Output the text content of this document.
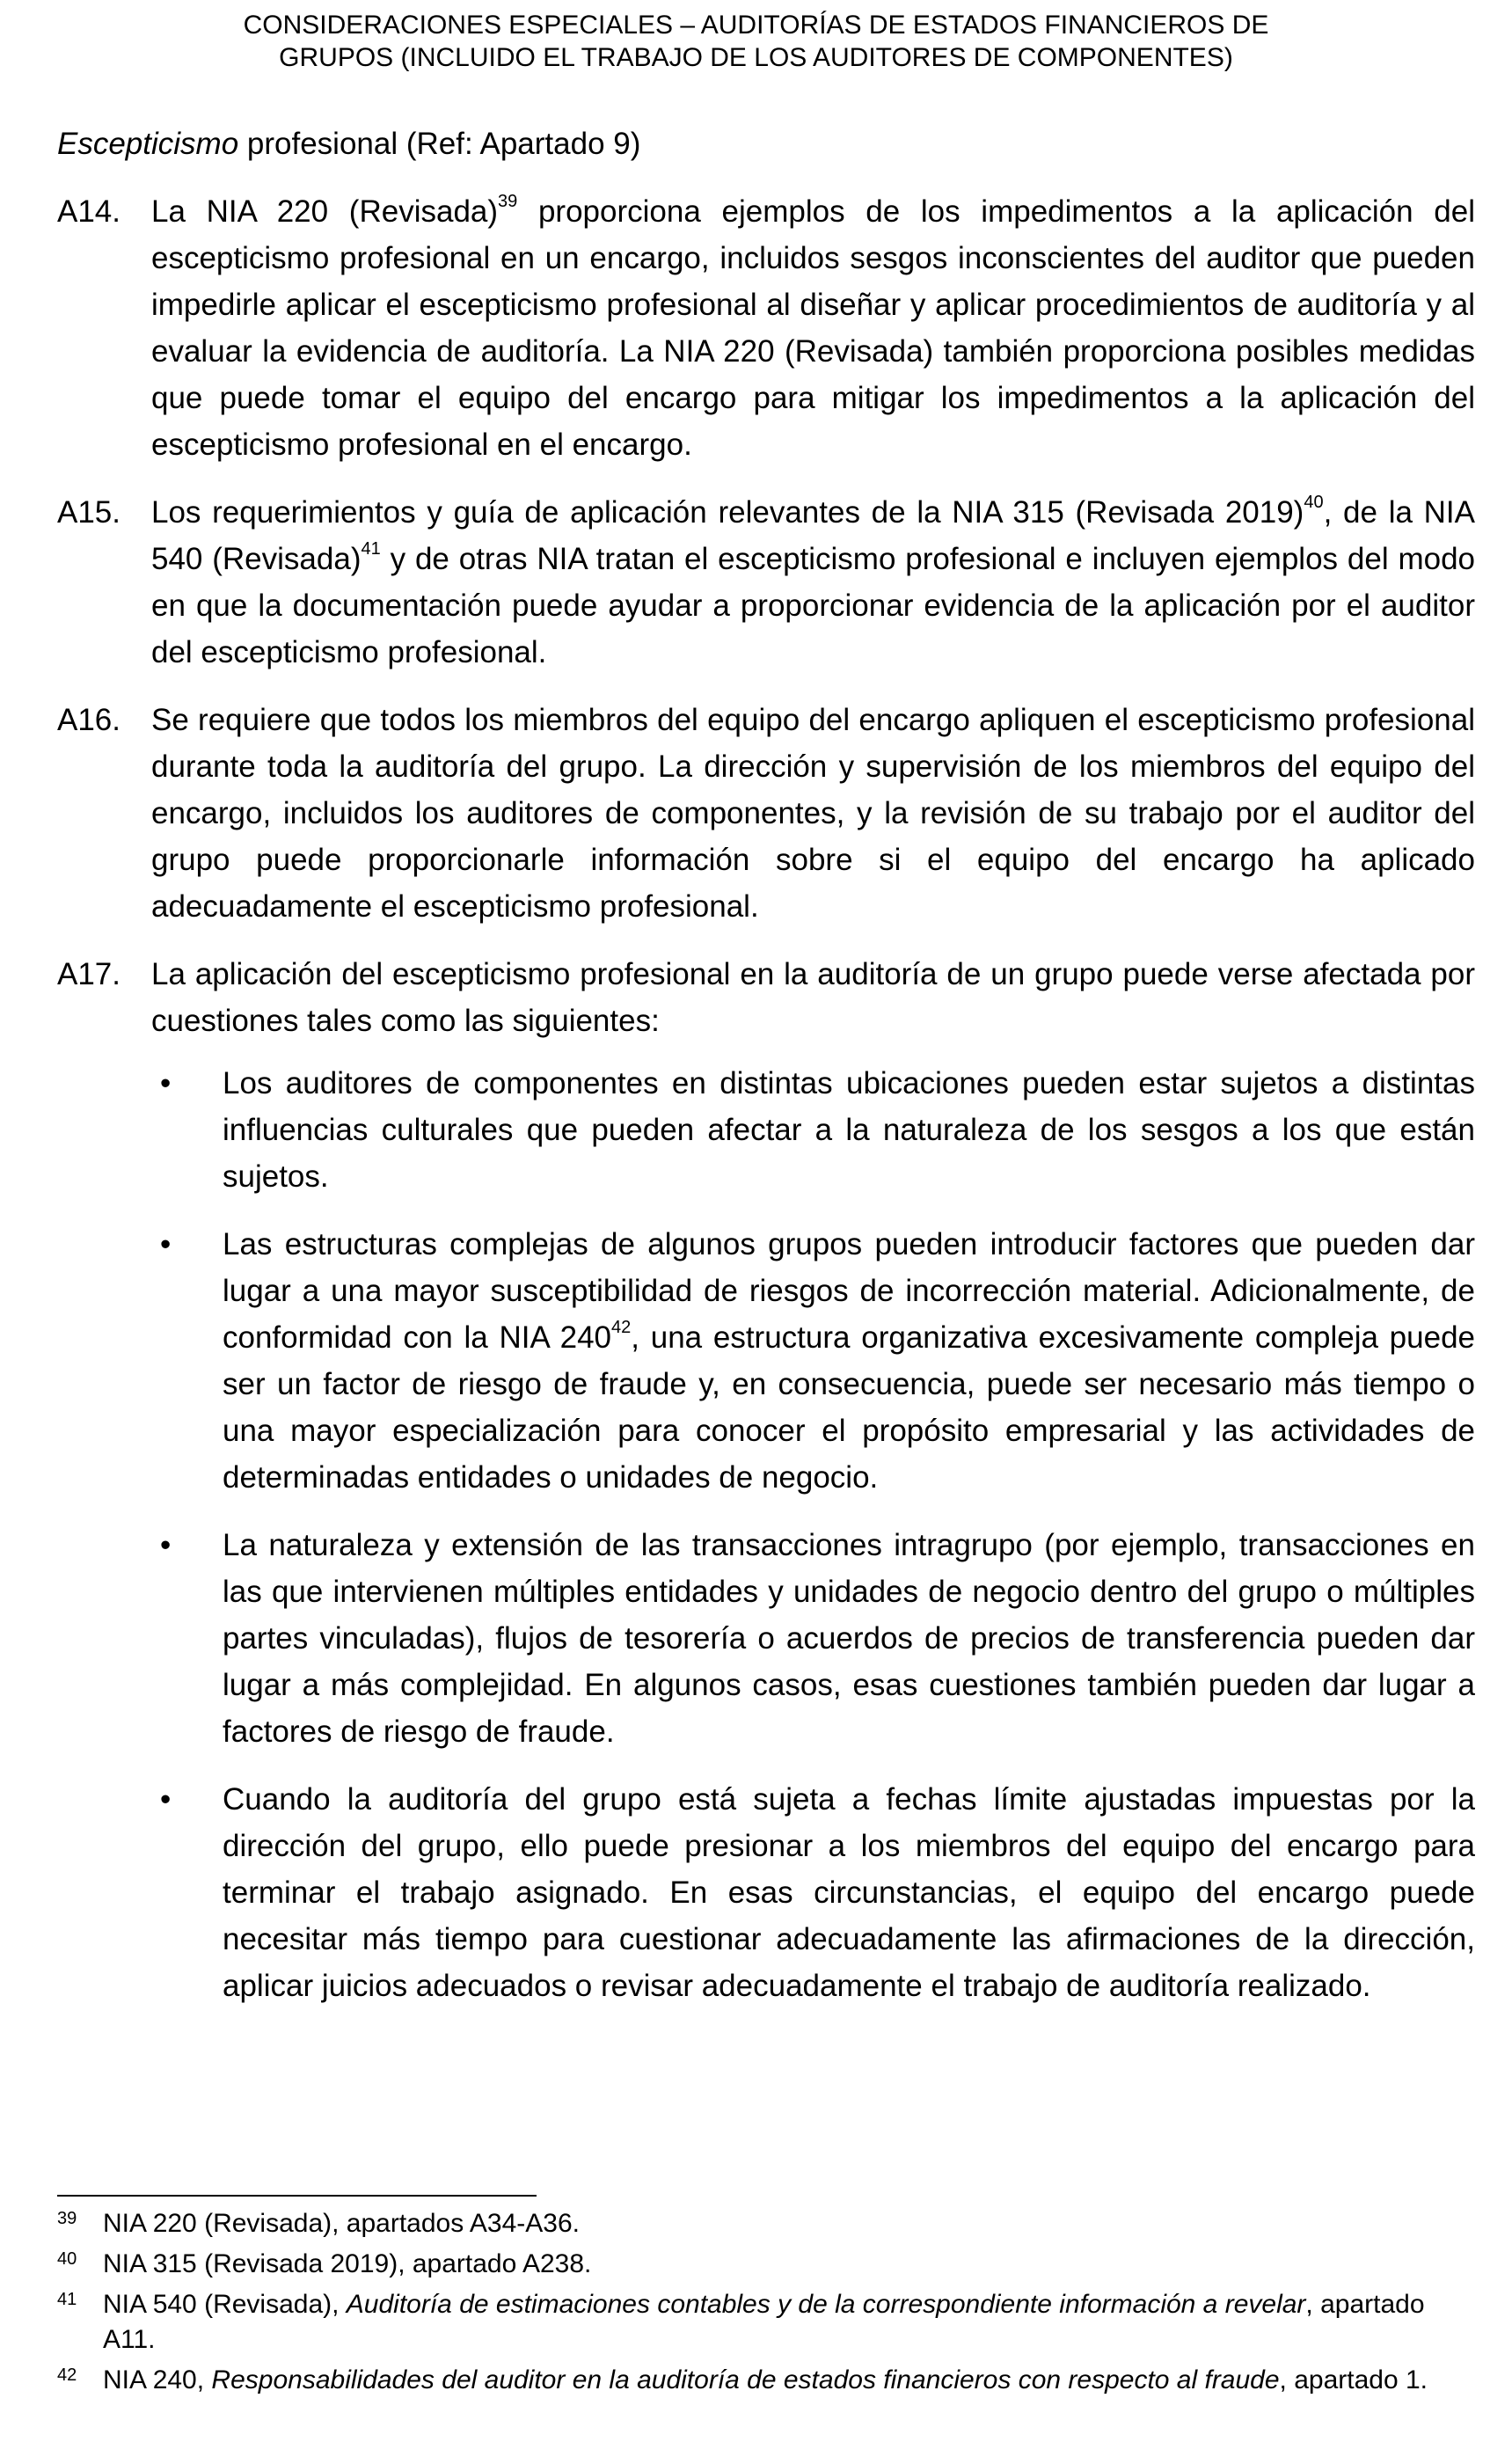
CONSIDERACIONES ESPECIALES – AUDITORÍAS DE ESTADOS FINANCIEROS DE
GRUPOS (INCLUIDO EL TRABAJO DE LOS AUDITORES DE COMPONENTES)
Escepticismo profesional (Ref: Apartado 9)
A14.	La NIA 220 (Revisada)$^{39}$ proporciona ejemplos de los impedimentos a la aplicación del escepticismo profesional en un encargo, incluidos sesgos inconscientes del auditor que pueden impedirle aplicar el escepticismo profesional al diseñar y aplicar procedimientos de auditoría y al evaluar la evidencia de auditoría. La NIA 220 (Revisada) también proporciona posibles medidas que puede tomar el equipo del encargo para mitigar los impedimentos a la aplicación del escepticismo profesional en el encargo.
A15.	Los requerimientos y guía de aplicación relevantes de la NIA 315 (Revisada 2019)$^{40}$, de la NIA 540 (Revisada)$^{41}$ y de otras NIA tratan el escepticismo profesional e incluyen ejemplos del modo en que la documentación puede ayudar a proporcionar evidencia de la aplicación por el auditor del escepticismo profesional.
A16.	Se requiere que todos los miembros del equipo del encargo apliquen el escepticismo profesional durante toda la auditoría del grupo. La dirección y supervisión de los miembros del equipo del encargo, incluidos los auditores de componentes, y la revisión de su trabajo por el auditor del grupo puede proporcionarle información sobre si el equipo del encargo ha aplicado adecuadamente el escepticismo profesional.
A17.	La aplicación del escepticismo profesional en la auditoría de un grupo puede verse afectada por cuestiones tales como las siguientes:
•	Los auditores de componentes en distintas ubicaciones pueden estar sujetos a distintas influencias culturales que pueden afectar a la naturaleza de los sesgos a los que están sujetos.
•	Las estructuras complejas de algunos grupos pueden introducir factores que pueden dar lugar a una mayor susceptibilidad de riesgos de incorrección material. Adicionalmente, de conformidad con la NIA $240^{42}$, una estructura organizativa excesivamente compleja puede ser un factor de riesgo de fraude y, en consecuencia, puede ser necesario más tiempo o una mayor especialización para conocer el propósito empresarial y las actividades de determinadas entidades o unidades de negocio.
•	La naturaleza y extensión de las transacciones intragrupo (por ejemplo, transacciones en las que intervienen múltiples entidades y unidades de negocio dentro del grupo o múltiples partes vinculadas), flujos de tesorería o acuerdos de precios de transferencia pueden dar lugar a más complejidad. En algunos casos, esas cuestiones también pueden dar lugar a factores de riesgo de fraude.
•	Cuando la auditoría del grupo está sujeta a fechas límite ajustadas impuestas por la dirección del grupo, ello puede presionar a los miembros del equipo del encargo para terminar el trabajo asignado. En esas circunstancias, el equipo del encargo puede necesitar más tiempo para cuestionar adecuadamente las afirmaciones de la dirección, aplicar juicios adecuados o revisar adecuadamente el trabajo de auditoría realizado.
39 NIA 220 (Revisada), apartados A34-A36.
40 NIA 315 (Revisada 2019), apartado A238.
41 NIA 540 (Revisada), Auditoría de estimaciones contables y de la correspondiente información a revelar, apartado A11.
42 NIA 240, Responsabilidades del auditor en la auditoría de estados financieros con respecto al fraude, apartado 1.
